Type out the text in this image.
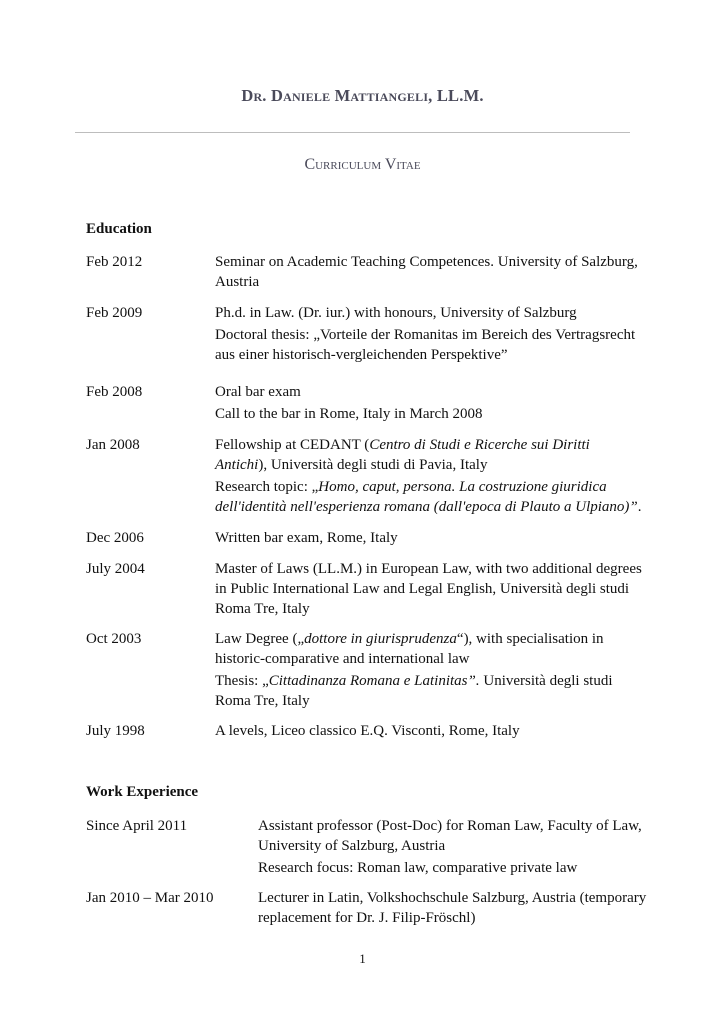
Dr. Daniele Mattiangeli, LL.M.
Curriculum Vitae
Education
Feb 2012	Seminar on Academic Teaching Competences. University of Salzburg, Austria

Feb 2009	Ph.d. in Law. (Dr. iur.) with honours, University of Salzburg

Doctoral thesis: „Vorteile der Romanitas im Bereich des Vertragsrecht aus einer historisch-vergleichenden Perspektive”

Feb 2008	Oral bar exam

Call to the bar in Rome, Italy in March 2008

Jan 2008	Fellowship at CEDANT (Centro di Studi e Ricerche sui Diritti Antichi), Università degli studi di Pavia, Italy

Research topic: „Homo, caput, persona. La costruzione giuridica dell'identità nell'esperienza romana (dall'epoca di Plauto a Ulpiano)”.

Dec 2006	Written bar exam, Rome, Italy

July 2004	Master of Laws (LL.M.) in European Law, with two additional degrees in Public International Law and Legal English, Università degli studi Roma Tre, Italy

Oct 2003	Law Degree („dottore in giurisprudenza“), with specialisation in historic-comparative and international law

Thesis: „Cittadinanza Romana e Latinitas”. Università degli studi Roma Tre, Italy

July 1998	A levels, Liceo classico E.Q. Visconti, Rome, Italy

Work Experience
Since April 2011	Assistant professor (Post-Doc) for Roman Law, Faculty of Law, University of Salzburg, Austria

Research focus: Roman law, comparative private law

Jan 2010 – Mar 2010	Lecturer in Latin, Volkshochschule Salzburg, Austria (temporary replacement for Dr. J. Filip-Fröschl)

1
